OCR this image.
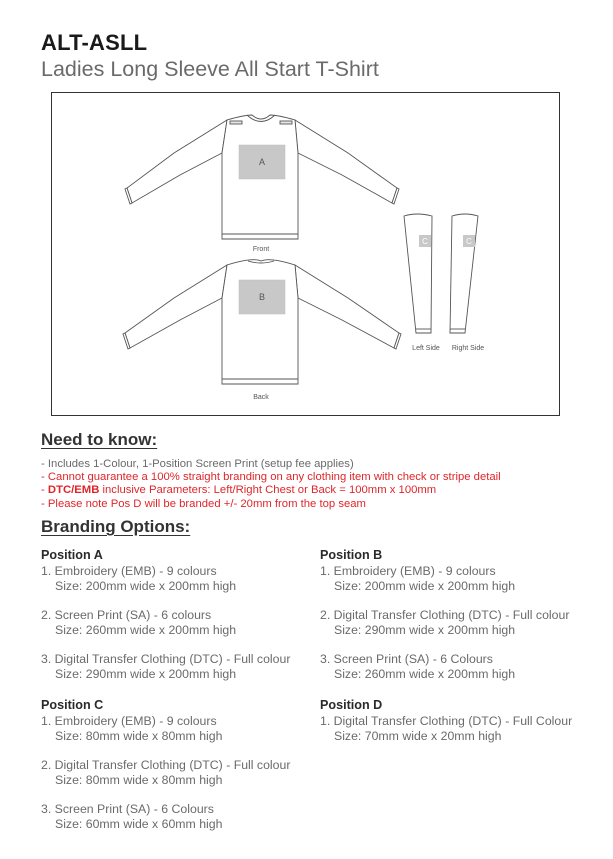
ALT-ASLL
Ladies Long Sleeve All Start T-Shirt
A
B
C	C
Front
Back
Left Side Right Side
Need to know:
- Includes 1-Colour, 1-Position Screen Print (setup fee applies)
- Cannot guarantee a 100% straight branding on any clothing item with check or stripe detail
- DTC/EMB inclusive Parameters: Left/Right Chest or Back = 100mm x 100mm
- Please note Pos D will be branded +/- 20mm from the top seam
Branding Options:
Position A
1. Embroidery (EMB) - 9 colours
Size: 200mm wide x 200mm high
2. Screen Print (SA) - 6 colours
Size: 260mm wide x 200mm high
3. Digital Transfer Clothing (DTC) - Full colour
Size: 290mm wide x 200mm high
Position B
1. Embroidery (EMB) - 9 colours
Size: 200mm wide x 200mm high
2. Digital Transfer Clothing (DTC) - Full colour
Size: 290mm wide x 200mm high
3. Screen Print (SA) - 6 Colours
Size: 260mm wide x 200mm high
Position C
1. Embroidery (EMB) - 9 colours
Size: 80mm wide x 80mm high
2. Digital Transfer Clothing (DTC) - Full colour
Size: 80mm wide x 80mm high
3. Screen Print (SA) - 6 Colours
Size: 60mm wide x 60mm high
Position D
1. Digital Transfer Clothing (DTC) - Full Colour
Size: 70mm wide x 20mm high
